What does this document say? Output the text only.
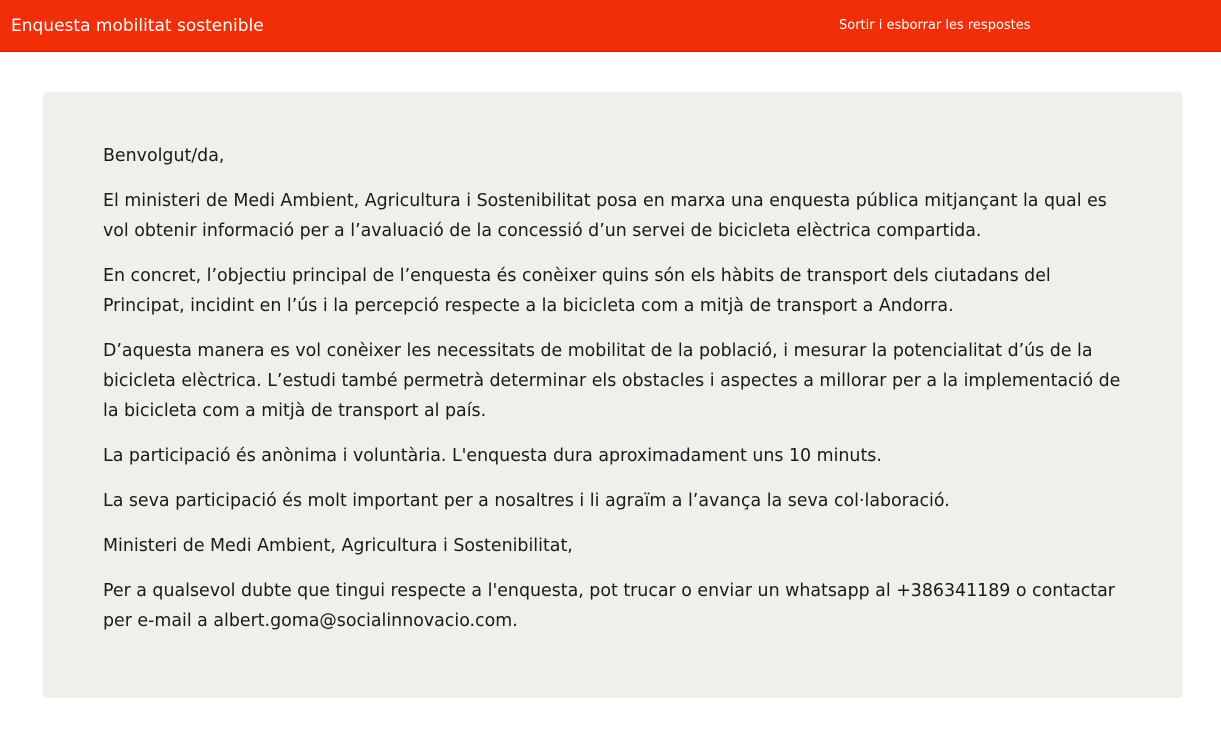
Enquesta mobilitat sostenible	Sortir i esborrar les respostes

Benvolgut/da,

El ministeri de Medi Ambient, Agricultura i Sostenibilitat posa en marxa una enquesta pública mitjançant la qual es vol obtenir informació per a l’avaluació de la concessió d’un servei de bicicleta elèctrica compartida.

En concret, l’objectiu principal de l’enquesta és conèixer quins són els hàbits de transport dels ciutadans del Principat, incidint en l’ús i la percepció respecte a la bicicleta com a mitjà de transport a Andorra.

D’aquesta manera es vol conèixer les necessitats de mobilitat de la població, i mesurar la potencialitat d’ús de la bicicleta elèctrica. L’estudi també permetrà determinar els obstacles i aspectes a millorar per a la implementació de la bicicleta com a mitjà de transport al país.

La participació és anònima i voluntària. L'enquesta dura aproximadament uns 10 minuts.

La seva participació és molt important per a nosaltres i li agraïm a l’avança la seva col·laboració.

Ministeri de Medi Ambient, Agricultura i Sostenibilitat,

Per a qualsevol dubte que tingui respecte a l'enquesta, pot trucar o enviar un whatsapp al +386341189 o contactar per e-mail a albert.goma@socialinnovacio.com.
